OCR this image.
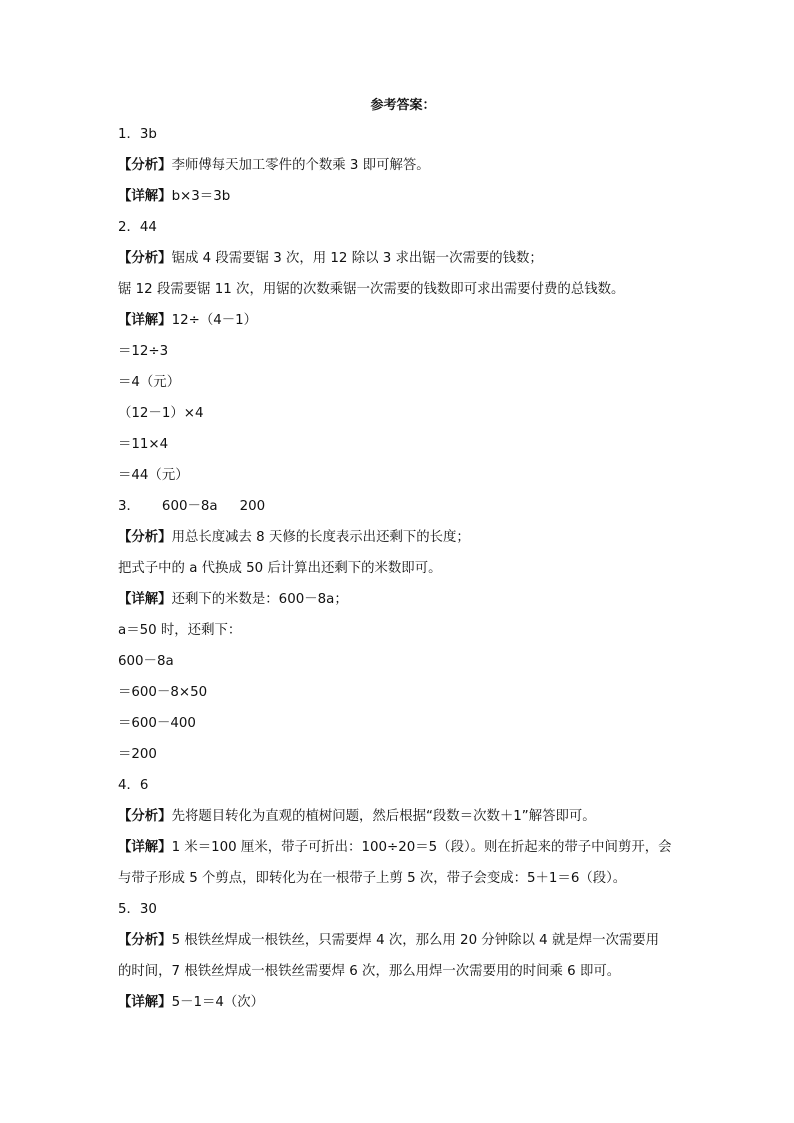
参考答案：
1．3b
【分析】李师傅每天加工零件的个数乘 3 即可解答。
【详解】b×3＝3b
2．44
【分析】锯成 4 段需要锯 3 次，用 12 除以 3 求出锯一次需要的钱数；
锯 12 段需要锯 11 次，用锯的次数乘锯一次需要的钱数即可求出需要付费的总钱数。
【详解】12÷（4－1）
＝12÷3
＝4（元）
（12－1）×4
＝11×4
＝44（元）
3． 600－8a 200
【分析】用总长度减去 8 天修的长度表示出还剩下的长度；
把式子中的 a 代换成 50 后计算出还剩下的米数即可。
【详解】还剩下的米数是：600－8a；
a＝50 时，还剩下：
600－8a
＝600－8×50
＝600－400
＝200
4．6
【分析】先将题目转化为直观的植树问题，然后根据“段数＝次数＋1”解答即可。
【详解】1 米＝100 厘米，带子可折出：100÷20＝5（段）。则在折起来的带子中间剪开，会
与带子形成 5 个剪点，即转化为在一根带子上剪 5 次，带子会变成：5＋1＝6（段）。
5．30
【分析】5 根铁丝焊成一根铁丝，只需要焊 4 次，那么用 20 分钟除以 4 就是焊一次需要用
的时间，7 根铁丝焊成一根铁丝需要焊 6 次，那么用焊一次需要用的时间乘 6 即可。
【详解】5－1＝4（次）
